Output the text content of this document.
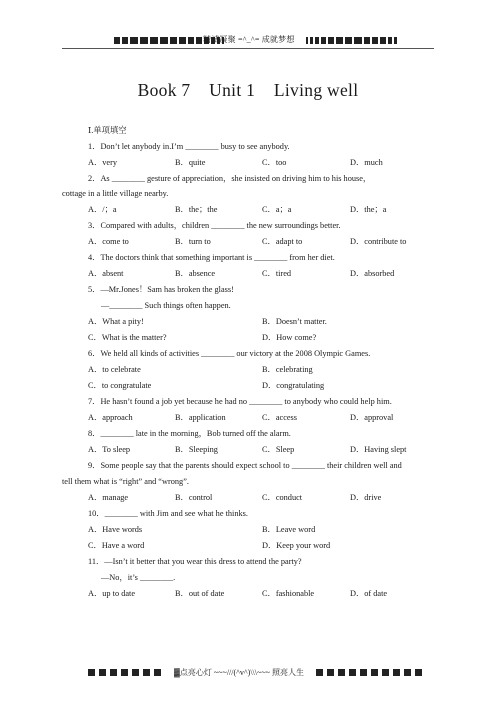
精诚凝聚 =^_^= 成就梦想
Book 7 Unit 1 Living well
Ⅰ.单项填空
1．Don’t let anybody in.I’m ________ busy to see anybody.
A．very	B．quite	C．too	D．much
2．As ________ gesture of appreciation，she insisted on driving him to his house，
cottage in a little village nearby.
A．/；a	B．the；the	C．a；a	D．the；a
3．Compared with adults，children ________ the new surroundings better.
A．come to	B．turn to	C．adapt to	D．contribute to
4．The doctors think that something important is ________ from her diet.
A．absent	B．absence	C．tired	D．absorbed
5．—Mr.Jones！Sam has broken the glass!
—________ Such things often happen.
A．What a pity!	B．Doesn’t matter.
C．What is the matter?	D．How come?
6．We held all kinds of activities ________ our victory at the 2008 Olympic Games.
A．to celebrate	B．celebrating
C．to congratulate	D．congratulating
7．He hasn’t found a job yet because he had no ________ to anybody who could help him.
A．approach	B．application	C．access	D．approval
8．________ late in the morning，Bob turned off the alarm.
A．To sleep	B．Sleeping	C．Sleep	D．Having slept
9．Some people say that the parents should expect school to ________ their children well and
tell them what is “right” and “wrong”.
A．manage	B．control	C．conduct	D．drive
10．________ with Jim and see what he thinks.
A．Have words	B．Leave word
C．Have a word	D．Keep your word
11．—Isn’t it better that you wear this dress to attend the party?
—No，it’s ________.
A．up to date	B．out of date	C．fashionable	D．of date
▓点亮心灯 ~~~///(^v^)\\\~~~ 照亮人生
